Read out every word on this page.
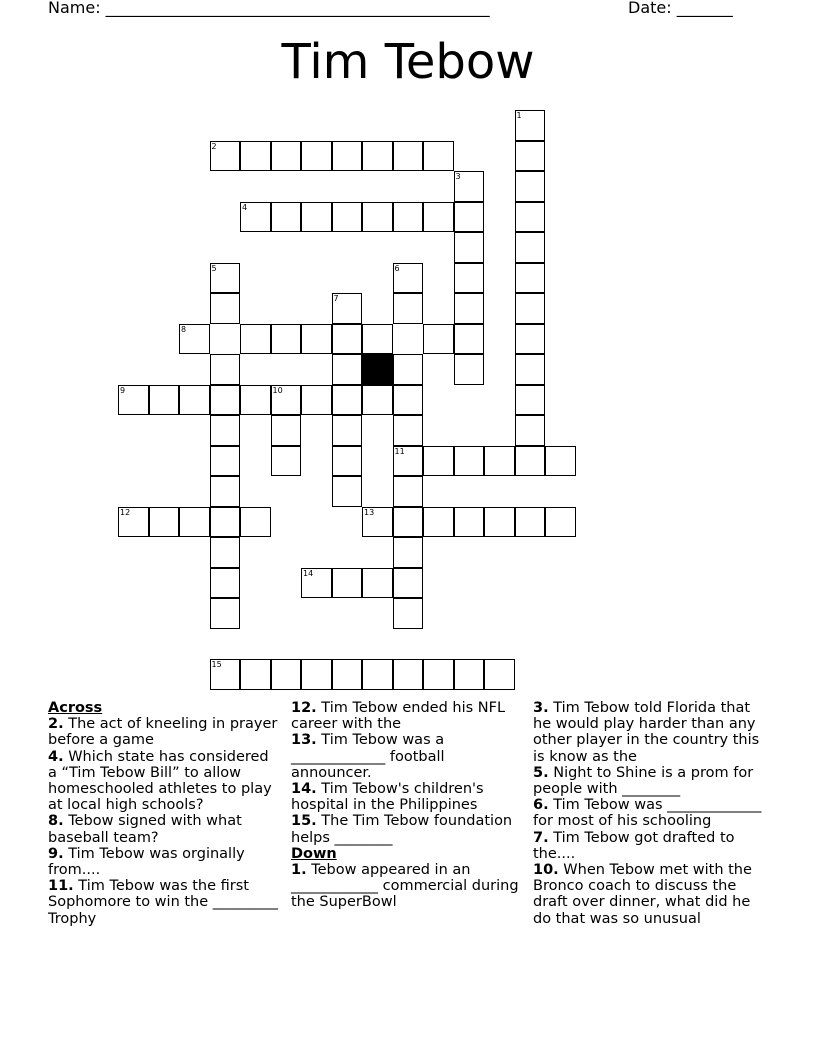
Name: ________________________________________________	Date: _______
Tim Tebow
1
2
3
4
5	6
11
7
8
9	10
12	13
14
15
Across
2. The act of kneeling in prayer before a game
4. Which state has considered a “Tim Tebow Bill” to allow homeschooled athletes to play at local high schools?
8. Tebow signed with what baseball team?
9. Tim Tebow was orginally from....
11. Tim Tebow was the first Sophomore to win the _________ Trophy
12. Tim Tebow ended his NFL career with the
13. Tim Tebow was a _____________ football announcer.
14. Tim Tebow's children's hospital in the Philippines
15. The Tim Tebow foundation helps ________
Down
1. Tebow appeared in an ____________ commercial during the SuperBowl
3. Tim Tebow told Florida that he would play harder than any other player in the country this is know as the
5. Night to Shine is a prom for people with ________
6. Tim Tebow was _____________ for most of his schooling
7. Tim Tebow got drafted to the....
10. When Tebow met with the Bronco coach to discuss the draft over dinner, what did he do that was so unusual
